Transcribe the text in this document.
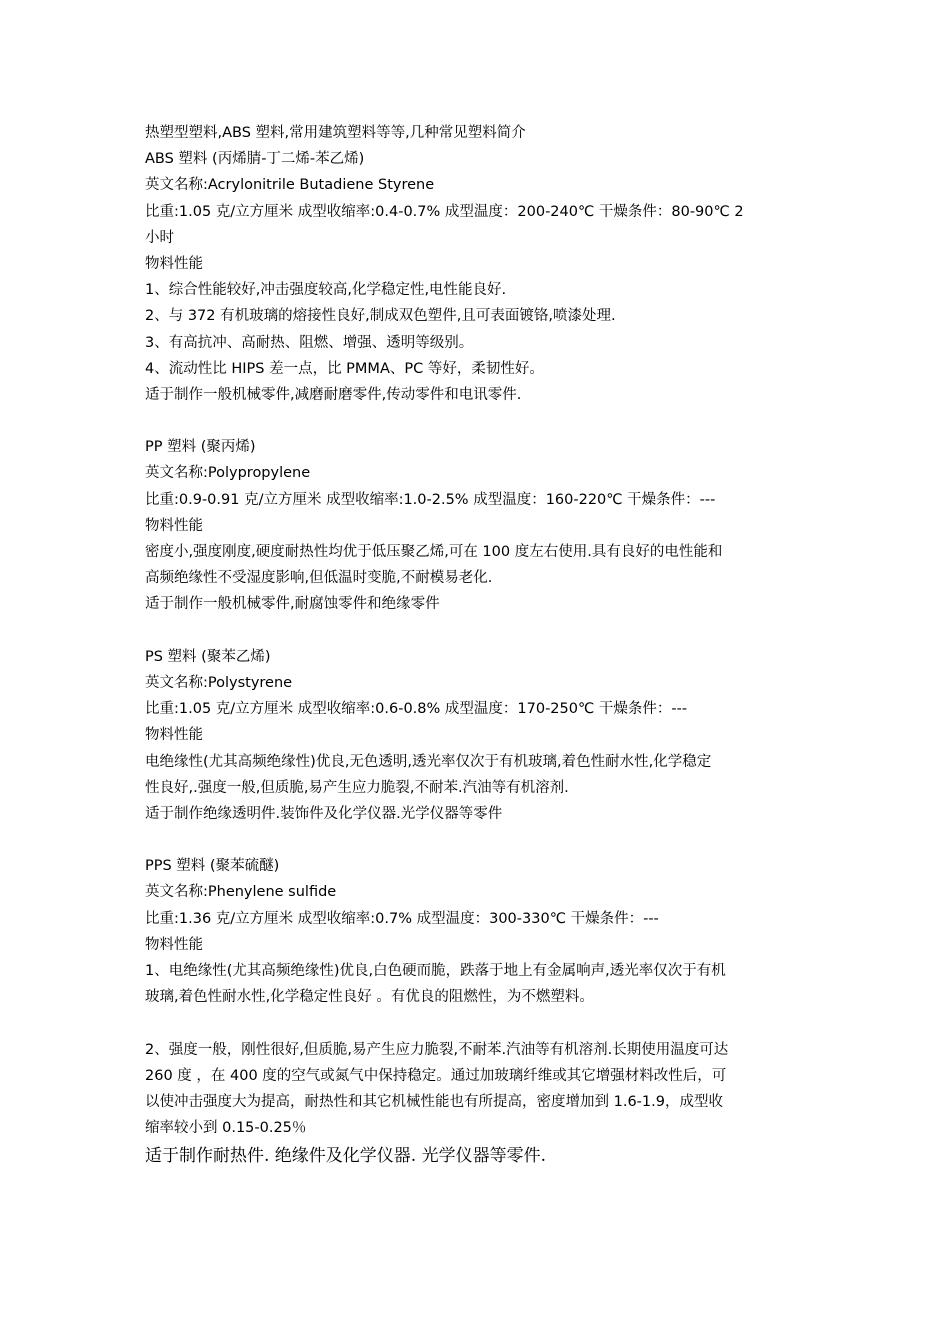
热塑型塑料,ABS 塑料,常用建筑塑料等等,几种常见塑料简介
ABS 塑料 (丙烯腈-丁二烯-苯乙烯)
英文名称:Acrylonitrile Butadiene Styrene
比重:1.05 克/立方厘米 成型收缩率:0.4-0.7% 成型温度：200-240℃ 干燥条件：80-90℃ 2
小时
物料性能
1、综合性能较好,冲击强度较高,化学稳定性,电性能良好.
2、与 372 有机玻璃的熔接性良好,制成双色塑件,且可表面镀铬,喷漆处理.
3、有高抗冲、高耐热、阻燃、增强、透明等级别。
4、流动性比 HIPS 差一点，比 PMMA、PC 等好，柔韧性好。
适于制作一般机械零件,减磨耐磨零件,传动零件和电讯零件.
PP 塑料 (聚丙烯)
英文名称:Polypropylene
比重:0.9-0.91 克/立方厘米 成型收缩率:1.0-2.5% 成型温度：160-220℃ 干燥条件：---
物料性能
密度小,强度刚度,硬度耐热性均优于低压聚乙烯,可在 100 度左右使用.具有良好的电性能和
高频绝缘性不受湿度影响,但低温时变脆,不耐模易老化.
适于制作一般机械零件,耐腐蚀零件和绝缘零件
PS 塑料 (聚苯乙烯)
英文名称:Polystyrene
比重:1.05 克/立方厘米 成型收缩率:0.6-0.8% 成型温度：170-250℃ 干燥条件：---
物料性能
电绝缘性(尤其高频绝缘性)优良,无色透明,透光率仅次于有机玻璃,着色性耐水性,化学稳定
性良好,.强度一般,但质脆,易产生应力脆裂,不耐苯.汽油等有机溶剂.
适于制作绝缘透明件.装饰件及化学仪器.光学仪器等零件
PPS 塑料 (聚苯硫醚)
英文名称:Phenylene sulfide
比重:1.36 克/立方厘米 成型收缩率:0.7% 成型温度：300-330℃ 干燥条件：---
物料性能
1、电绝缘性(尤其高频绝缘性)优良,白色硬而脆，跌落于地上有金属响声,透光率仅次于有机
玻璃,着色性耐水性,化学稳定性良好 。有优良的阻燃性，为不燃塑料。
2、强度一般，刚性很好,但质脆,易产生应力脆裂,不耐苯.汽油等有机溶剂.长期使用温度可达
260 度 ，在 400 度的空气或氮气中保持稳定。通过加玻璃纤维或其它增强材料改性后，可
以使冲击强度大为提高，耐热性和其它机械性能也有所提高，密度增加到 1.6-1.9，成型收
缩率较小到 0.15-0.25％
适于制作耐热件. 绝缘件及化学仪器. 光学仪器等零件.
